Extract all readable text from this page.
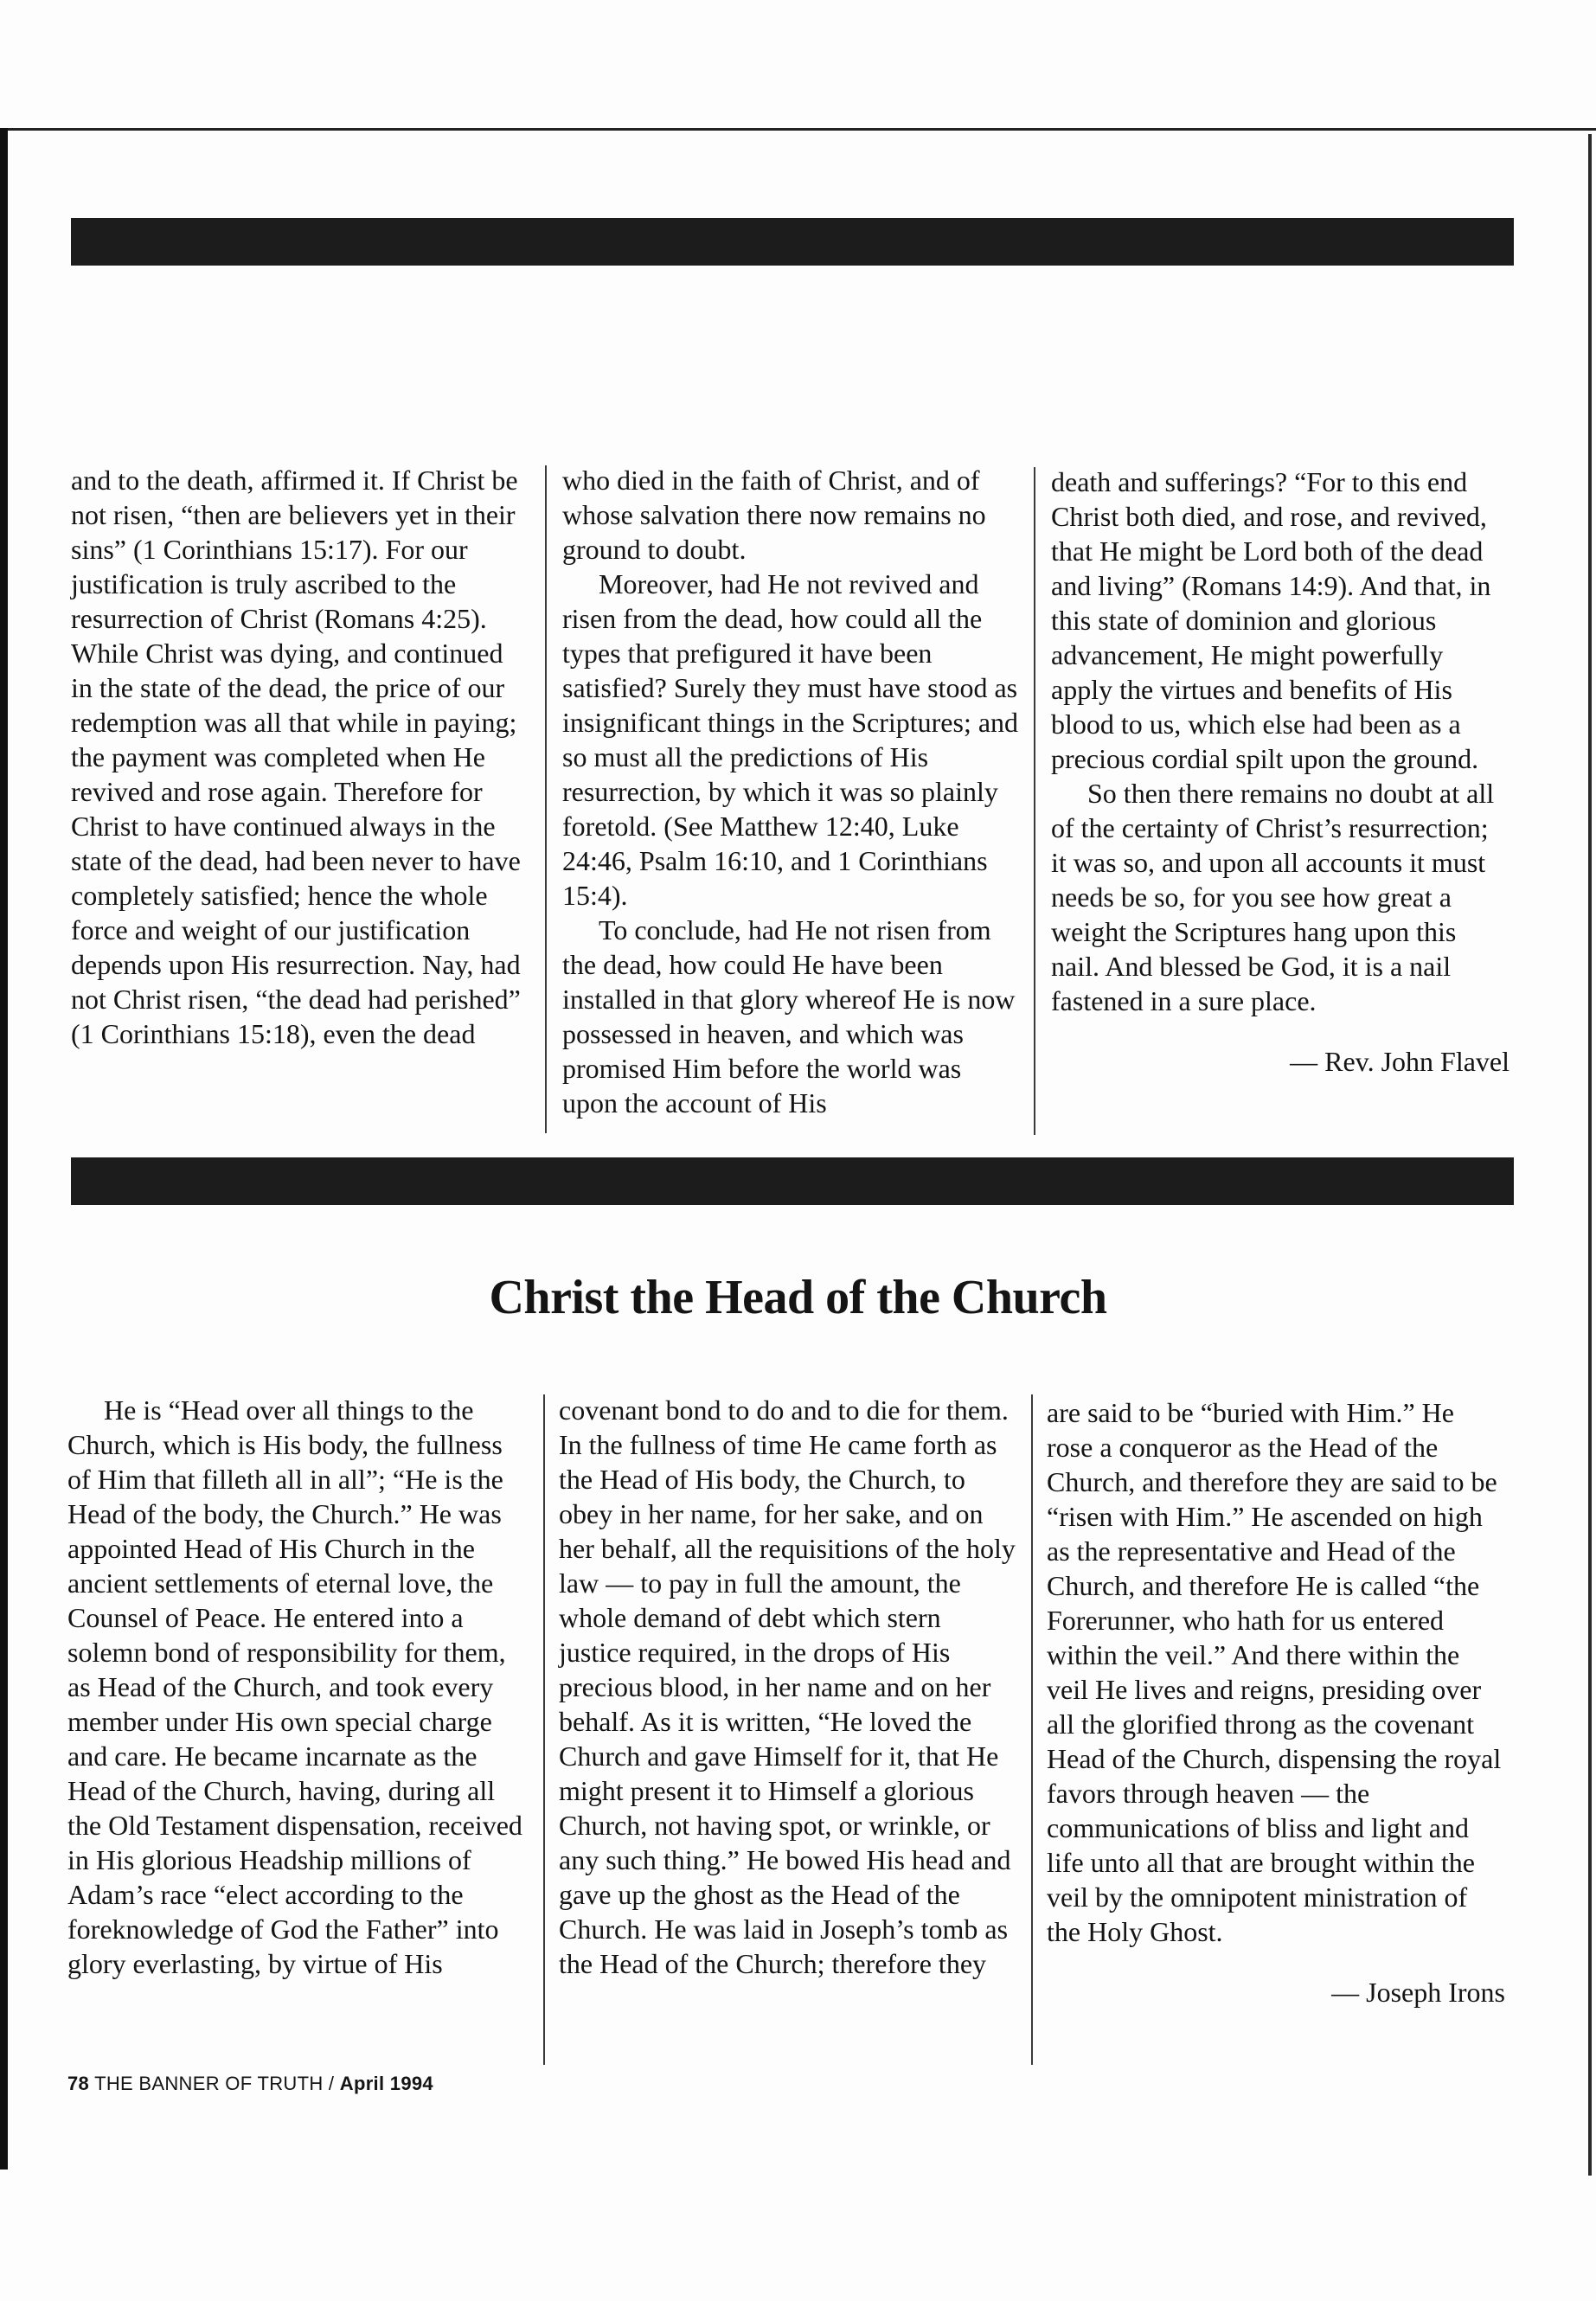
and to the death, affirmed it. If Christ be not risen, “then are believers yet in their sins” (1 Corinthians 15:17). For our justification is truly ascribed to the resurrection of Christ (Romans 4:25). While Christ was dying, and continued in the state of the dead, the price of our redemption was all that while in paying; the payment was completed when He revived and rose again. Therefore for Christ to have continued always in the state of the dead, had been never to have completely satisfied; hence the whole force and weight of our justification depends upon His resurrection. Nay, had not Christ risen, “the dead had perished” (1 Corinthians 15:18), even the dead

who died in the faith of Christ, and of whose salvation there now remains no ground to doubt.

Moreover, had He not revived and risen from the dead, how could all the types that prefigured it have been satisfied? Surely they must have stood as insignificant things in the Scriptures; and so must all the predictions of His resurrection, by which it was so plainly foretold. (See Matthew 12:40, Luke 24:46, Psalm 16:10, and 1 Corinthians 15:4).

To conclude, had He not risen from the dead, how could He have been installed in that glory whereof He is now possessed in heaven, and which was promised Him before the world was upon the account of His

death and sufferings? “For to this end Christ both died, and rose, and revived, that He might be Lord both of the dead and living” (Romans 14:9). And that, in this state of dominion and glorious advancement, He might powerfully apply the virtues and benefits of His blood to us, which else had been as a precious cordial spilt upon the ground.

So then there remains no doubt at all of the certainty of Christ’s resurrection; it was so, and upon all accounts it must needs be so, for you see how great a weight the Scriptures hang upon this nail. And blessed be God, it is a nail fastened in a sure place.

— Rev. John Flavel

Christ the Head of the Church

He is “Head over all things to the Church, which is His body, the fullness of Him that filleth all in all”; “He is the Head of the body, the Church.” He was appointed Head of His Church in the ancient settlements of eternal love, the Counsel of Peace. He entered into a solemn bond of responsibility for them, as Head of the Church, and took every member under His own special charge and care. He became incarnate as the Head of the Church, having, during all the Old Testament dispensation, received in His glorious Headship millions of Adam’s race “elect according to the foreknowledge of God the Father” into glory everlasting, by virtue of His

covenant bond to do and to die for them. In the fullness of time He came forth as the Head of His body, the Church, to obey in her name, for her sake, and on her behalf, all the requisitions of the holy law — to pay in full the amount, the whole demand of debt which stern justice required, in the drops of His precious blood, in her name and on her behalf. As it is written, “He loved the Church and gave Himself for it, that He might present it to Himself a glorious Church, not having spot, or wrinkle, or any such thing.” He bowed His head and gave up the ghost as the Head of the Church. He was laid in Joseph’s tomb as the Head of the Church; therefore they

are said to be “buried with Him.” He rose a conqueror as the Head of the Church, and therefore they are said to be “risen with Him.” He ascended on high as the representative and Head of the Church, and therefore He is called “the Forerunner, who hath for us entered within the veil.” And there within the veil He lives and reigns, presiding over all the glorified throng as the covenant Head of the Church, dispensing the royal favors through heaven — the communications of bliss and light and life unto all that are brought within the veil by the omnipotent ministration of the Holy Ghost.

— Joseph Irons

78 THE BANNER OF TRUTH / April 1994
